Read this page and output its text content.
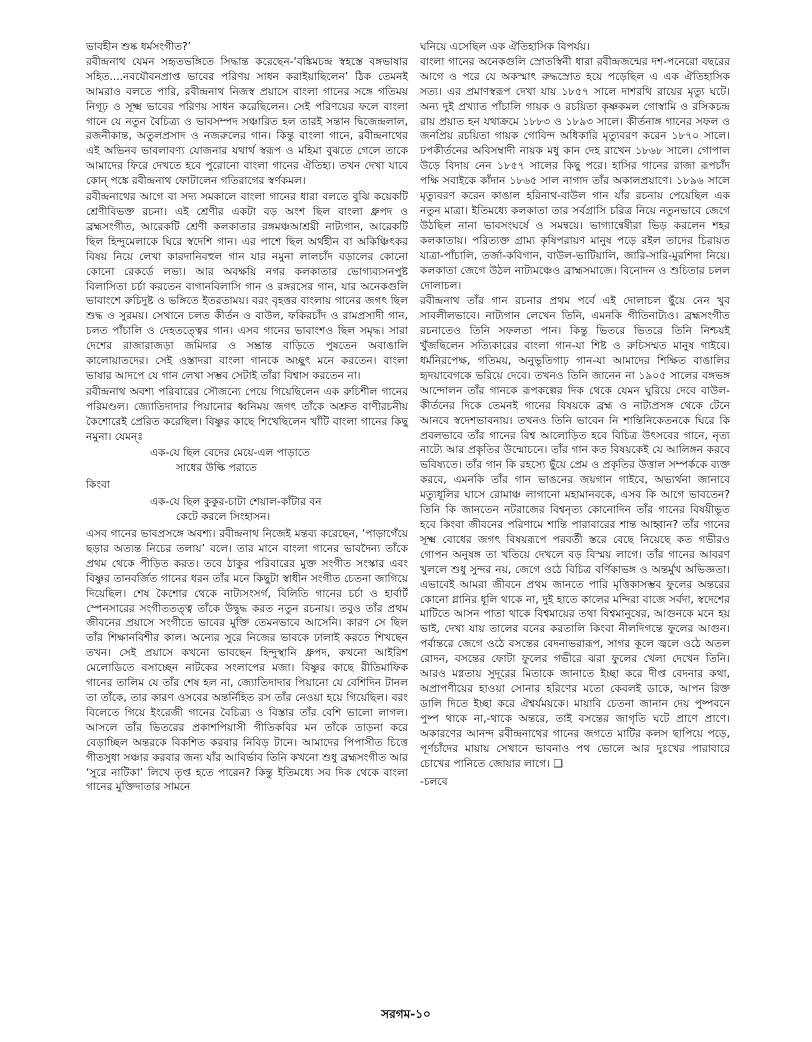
ভাবহীন শুষ্ক ধর্মসংগীত?’

রবীন্দ্রনাথ যেমন সহৃতভঙ্গিতে সিদ্ধান্ত করেছেন-‘বঙ্কিমচন্দ্র স্বহস্তে বঙ্গভাষার সহিত....নবযৌবনপ্রাপ্ত ভাবের পরিণয় সাধন করাইয়াছিলেন’ ঠিক তেমনই আমরাও বলতে পারি, রবীন্দ্রনাথ নিজস্ব প্রয়াসে বাংলা গানের সঙ্গে গতিময় নিগূঢ় ও সূক্ষ্ম ভাবের পরিণয় সাধন করেছিলেন। সেই পরিণয়ের ফলে বাংলা গানে যে নতুন বৈচিত্র্য ও ভাবসম্পদ সঞ্চারিত হল তারই সন্তান দ্বিজেন্দ্রলাল, রজনীকান্ত, অতুলপ্রসাদ ও নজরুলের গান। কিন্তু বাংলা গানে, রবীন্দ্রনাথের এই অভিনব ভাবলাবণ্য যোজনার যথার্থ স্বরূপ ও মহিমা বুঝতে গেলে তাকে আমাদের ফিরে দেখতে হবে পুরোনো বাংলা গানের ঐতিহ্য। তখন দেখা যাবে কোন্ পঙ্কে রবীন্দ্রনাথ ফোটালেন গতিরাগের স্বর্ণকমল।

রবীন্দ্রনাথের আগে বা সদ্য সমকালে বাংলা গানের ধারা বলতে বুঝি কয়েকটি শ্রেণীবিভক্ত রচনা। এই শ্রেণীর একটা বড় অংশ ছিল বাংলা ধ্রুপদ ও ব্রহ্মসংগীত, আরেকটি শ্রেণী কলকাতার রঙ্গমঞ্চআশ্রয়ী নাট্যগান, আরেকটি ছিল হিন্দুমেলাকে ঘিরে স্বদেশি গান। এর পাশে ছিল অর্থহীন বা অকিঞ্চিৎকর বিষয় নিয়ে লেখা কারদানিবহুল গান যার নমুনা লালচাঁদ বড়ালের কোনো কোনো রেকর্ডে লভ্য। আর অবক্ষয়ি নগর কলকাতার ভোগ্যব্যসনপুষ্ট বিলাসিতা চর্চা করতেন বাগানবিলাসি গান ও রঙ্গরসের গান, যার অনেকগুলি ভাবাংশে রুচিদুষ্ট ও ভঙ্গিতে ইতরতাময়। বরং বৃহত্তর বাংলায় গানের জগৎ ছিল শুদ্ধ ও সুরময়। সেখানে চলত কীর্তন ও বাউল, ফকিরচাঁদ ও রামপ্রসাদী গান, চলত পাঁচালি ও দেহতত্ত্বের গান। এসব গানের ভাবাংশও ছিল সমৃদ্ধ। সারা দেশের রাজারাজড়া জমিদার ও সম্ভ্রান্ত বাড়িতে পুষতেন অবাঙালি কালোয়াতদের। সেই ওস্তাদরা বাংলা গানকে অচ্ছুৎ মনে করতেন। বাংলা ভাষার আদপে যে গান লেখা সম্ভব সেটাই তাঁরা বিশ্বাস করতেন না।

রবীন্দ্রনাথ অবশ্য পরিবারের সৌজন্যে পেয়ে গিয়েছিলেন এক রুচিশীল গানের পরিমণ্ডল। জ্যোতিদাদার পিয়ানোর ধ্বনিময় জগৎ তাঁকে অশ্রুত বাণীরচনীয় কৈশোরেই প্রেরিত করেছিল। বিষ্ণুর কাছে শিখেছিলেন খাঁটি বাংলা গানের কিছু নমুনা। যেমন্‌ঃ

এক-যে ছিল বেদের মেয়ে-এল পাড়াতে
সাধের উল্কি পরাতে
কিংবা
এক-যে ছিল কুকুর-চাটা শেয়াল-কাঁটার বন
কেটে করলে সিংহাসন।

এসব গানের ভাবপ্রসঙ্গে অবশ্য। রবীন্দ্রনাথ নিজেই মন্তব্য করেছেন, ‘পাড়াগেঁয়ে ছড়ার অত্যন্ত নিচের তলায়’ বলে। তার মানে বাংলা গানের ভাবদৈন্য তাঁকে প্রথম থেকে পীড়িত করত। তবে ঠাকুর পরিবারের মুক্ত সংগীত সংস্কার এবং বিষ্ণুর তানবর্জিত গানের ধরন তাঁর মনে কিছুটা স্বাধীন সংগীত চেতনা জাগিয়ে দিয়েছিল। শেষ কৈশোর থেকে নাট্যসংসর্গ, বিলিতি গানের চর্চা ও হার্বার্ট স্পেনসারের সংগীততত্ত্ব তাঁকে উদ্বুদ্ধ করত নতুন রচনায়। তবুও তাঁর প্রথম জীবনের প্রয়াসে সংগীতে ভাবের মুক্তি তেমনভাবে আসেনি। কারণ সে ছিল তাঁর শিক্ষানবিশীর কাল। অন্যের সুরে নিজের ভাবকে ঢালাই করতে শিখছেন তখন। সেই প্রয়াসে কখনো ভাবছেন হিন্দুস্থানি ধ্রুপদ, কখনো আইরিশ মেলোডিতে বসাচ্ছেন নাটকের সংলাপের মজা। বিষ্ণুর কাছে রীতিমাফিক গানের তালিম যে তাঁর শেষ হল না, জ্যোতিদাদার পিয়ানো যে বেশিদিন টানল তা তাঁকে, তার কারণ ওসবের অন্তর্নিহিত রস তাঁর নেওয়া হয়ে গিয়েছিল। বরং বিলেতে গিয়ে ইংরেজী গানের বৈচিত্র্য ও বিস্তার তাঁর বেশি ভালো লাগল। আসলে তাঁর ভিতরের প্রকাশপিয়াসী গীতিকবির মন তাঁকে তাড়না করে বেড়াচ্ছিল অন্তরকে বিকশিত করবার নিবিড় টানে। আমাদের পিপাসীত চিত্তে গীতসুধা সঞ্চার করবার জন্য যাঁর আবির্ভাব তিনি কখনো শুধু ব্রহ্মসংগীত আর ‘সুরে নাটিকা’ লিখে তৃপ্ত হতে পারেন? কিন্তু ইতিমধ্যে সব দিক থেকে বাংলা গানের মুক্তিদাতার সামনে

ঘনিয়ে এসেছিল এক ঐতিহাসিক বিপর্যয়।

বাংলা গানের অনেকগুলি স্রোতস্বিনী ধারা রবীন্দ্রজন্মের দশ-পনেরো বছরের আগে ও পরে যে অকস্মাৎ রুদ্ধস্রোত হয়ে পড়েছিল এ এক ঐতিহাসিক সত্য। এর প্রমাণস্বরূপ দেখা যায় ১৮৫৭ সালে দাশরথি রায়ের মৃত্যু ঘটে। অন্য দুই প্রখ্যাত পাঁচালি গায়ক ও রচয়িতা কৃষ্ণকমল গোস্বামি ও রসিকচন্দ্র রায় প্রয়াত হন যথাক্রমে ১৮৮৩ ও ১৮৯৩ সালে। কীর্তনাঙ্গ গানের সফল ও জনপ্রিয় রচয়িতা গায়ক গোবিন্দ অধিকারি মৃত্যুবরণ করেন ১৮৭০ সালে। ঢপকীর্তনের অবিসম্বাদী নায়ক মধু কান দেহ রাখেন ১৮৬৮ সালে। গোপাল উড়ে বিদায় নেন ১৮৫৭ সালের কিছু পরে। হাসির গানের রাজা রূপচাঁদ পক্ষি সবাইকে কাঁদান ১৮৬৫ সাল নাগাদ তাঁর অকালপ্রয়াণে। ১৮৯৬ সালে মৃত্যুবরণ করেন কাঙাল হরিনাথ-বাউল গান যাঁর রচনায় পেয়েছিল এক নতুন মাত্রা। ইতিমধ্যে কলকাতা তার সর্বগ্রাসি চরিত্র নিয়ে নতুনভাবে জেগে উঠছিল নানা ভাবসংঘর্ষে ও সমন্বয়ে। ভাগ্যান্বেষীরা ভিড় করলেন শহর কলকাতায়। পরিত্যক্ত গ্রাম্য কৃষিপরায়ণ মানুষ পড়ে রইল তাদের চিরায়ত যাত্রা-পাঁচালি, তর্জা-কবিগান, বাউল-ভাটিয়ালি, জারি-সারি-মুরশিদা নিয়ে। কলকাতা জেগে উঠল নাট্যমঞ্চেও ব্রাহ্মসমাজে। বিনোদন ও শুচিতার চলল দোলাচল।

রবীন্দ্রনাথ তাঁর গান রচনার প্রথম পর্বে এই দোলাচল ছুঁয়ে নেন খুব সাবলীলভাবে। নাট্যগান লেখেন তিনি, এমনকি গীতিনাট্যও। ব্রহ্মসংগীত রচনাতেও তিনি সফলতা পান। কিন্তু ভিতরে ভিতরে তিনি নিশ্চয়ই খুঁজছিলেন সত্যিকারের বাংলা গান-যা শিষ্ট ও রুচিসম্মত মানুষ গাইবে। ধর্মনিরপেক্ষ, গতিময়, অনুভূতিগাঢ় গান-যা আমাদের শিক্ষিত বাঙালির হৃদয়াবেগকে ভরিয়ে দেবে। তখনও তিনি জানেন না ১৯০৫ সালের বঙ্গভঙ্গ আন্দোলন তাঁর গানকে রূপকল্পের দিক থেকে যেমন ঘুরিয়ে দেবে বাউল-কীর্তনের দিকে তেমনই গানের বিষয়কে ব্রহ্ম ও নাট্যপ্রসঙ্গ থেকে টেনে আনবে স্বদেশভাবনায়। তখনও তিনি ভাবেন নি শান্তিনিকেতনকে ঘিরে কি প্রবলভাবে তাঁর গানের বিশ্ব আলোড়িত হবে বিচিত্র উৎসবের গানে, নৃত্য নাট্যে আর প্রকৃতির উন্মোচনে। তাঁর গান কত বিষয়কেই যে আলিঙ্গন করবে ভবিষ্যতে। তাঁর গান কি রহস্যে ছুঁয়ে প্রেম ও প্রকৃতির উত্তাল সম্পর্ককে ব্যক্ত করবে, এমনকি তাঁর গান ভাঙনের জয়গান গাইবে, অভ্যর্থনা জানাবে মত্যুধূলির ঘাসে রোমাঞ্চ লাগানো মহামানবকে, এসব কি আগে ভাবতেন? তিনি কি জানতেন নটরাজের বিশ্বনৃত্য কোনোদিন তাঁর গানের বিষয়ীভূত হবে কিংবা জীবনের পরিণামে শান্তি পারাবারের শান্ত আহ্বান? তাঁর গানের সূক্ষ্ম বোধের জগৎ বিষয়রূপে পরবর্তী স্তরে বেছে নিয়েছে কত গভীরও গোপন অনুষঙ্গ তা খতিয়ে দেখলে বড় বিস্ময় লাগে। তাঁর গানের আবরণ খুললে শুধু সুন্দর নয়, জেগে ওঠে বিচিত্র বর্ণিকাভঙ্গ ও অন্তর্মুখ অভিজ্ঞতা। এভাবেই আমরা জীবনে প্রথম জানতে পারি মৃত্তিকাসম্ভব ফুলের অন্তরের কোনো গ্লানির ধূলি থাকে না, দুই হাতে কালের মন্দিরা বাজে সর্বদা, স্বদেশের মাটিতে আসন পাতা থাকে বিশ্বমায়ের তথা বিশ্বমানুষের, আগুনকে মনে হয় ভাই, দেখা যায় তালের বনের করতালি কিংবা নীলদিগন্তে ফুলের আগুন। পর্বান্তরে জেগে ওঠে বসন্তের বেদনাভরারূপ, সাগর কূলে জ্বলে ওঠে অতল রোদন, বসন্তের ফোটা ফুলের গভীরে ঝরা ফুলের খেলা দেখেন তিনি। আরও মগ্নতায় সুদূরের মিতাকে জানাতে ইচ্ছা করে দীপ্ত বেদনার কথা, অপ্রাপণীয়ের হাওয়া সোনার হরিণের মতো কেবলই ডাকে, আপন রিক্ত ডালি দিতে ইচ্ছা করে ঐশ্বর্যময়কে। মায়াবি চেতনা জানান দেয় পুষ্পবনে পুষ্প থাকে না,-থাকে অন্তরে, তাই বসন্তের জাগৃতি ঘটে প্রাণে প্রাণে। অকারণের আনন্দ রবীন্দ্রনাথের গানের জগতে মাটির কলস ছাপিয়ে পড়ে, পূর্ণচাঁদের মায়ায় সেখানে ভাবনাও পথ ভোলে আর দুঃখের পারাবারে চোখের পানিতে জোয়ার লাগে। ❑

-চলবে
সরগম-১০
